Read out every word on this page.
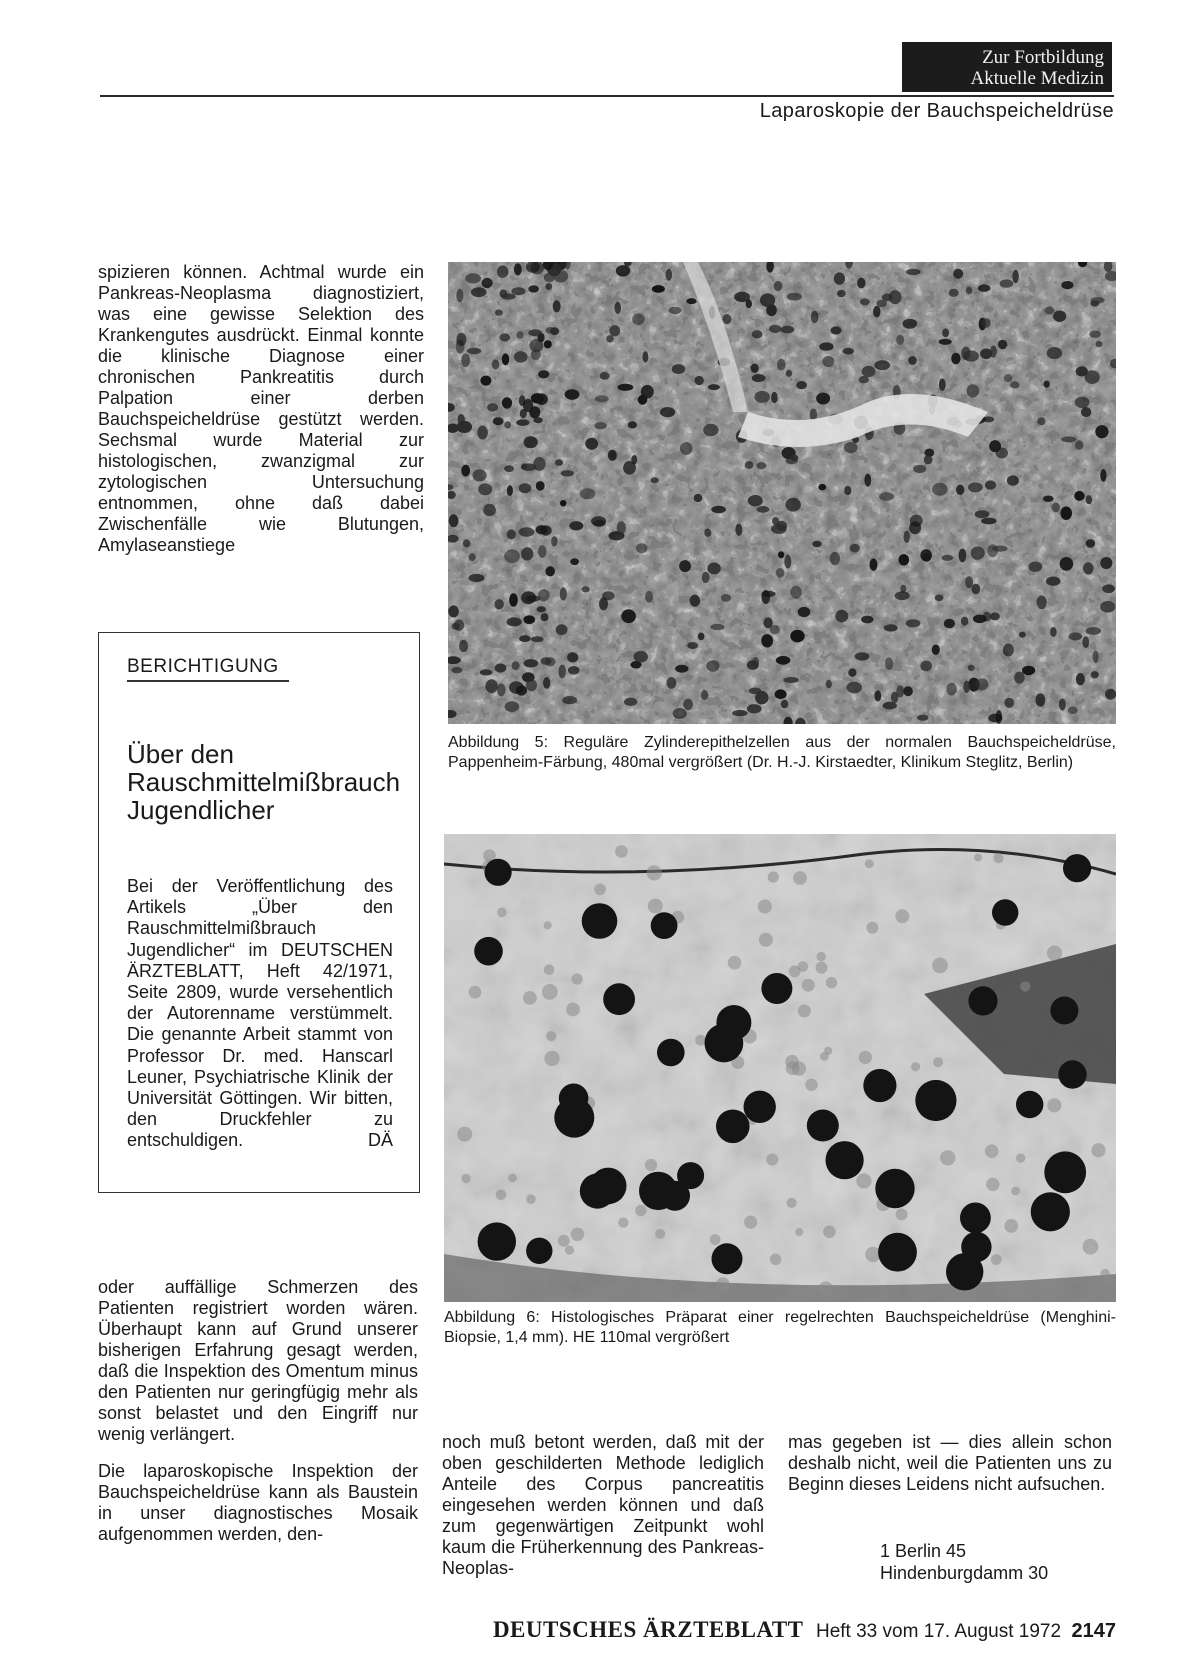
Zur Fortbildung
Aktuelle Medizin
Laparoskopie der Bauchspeicheldrüse
spizieren können. Achtmal wurde ein Pankreas-Neoplasma diagnostiziert, was eine gewisse Selektion des Krankengutes ausdrückt. Einmal konnte die klinische Diagnose einer chronischen Pankreatitis durch Palpation einer derben Bauchspeicheldrüse gestützt werden. Sechsmal wurde Material zur histologischen, zwanzigmal zur zytologischen Untersuchung entnommen, ohne daß dabei Zwischenfälle wie Blutungen, Amylaseanstiege
BERICHTIGUNG
Über den Rauschmittelmißbrauch Jugendlicher
Bei der Veröffentlichung des Artikels „Über den Rauschmittelmißbrauch Jugendlicher“ im DEUTSCHEN ÄRZTEBLATT, Heft 42/1971, Seite 2809, wurde versehentlich der Autorenname verstümmelt. Die genannte Arbeit stammt von Professor Dr. med. Hanscarl Leuner, Psychiatrische Klinik der Universität Göttingen. Wir bitten, den Druckfehler zu entschuldigen.	DÄ
Abbildung 5: Reguläre Zylinderepithelzellen aus der normalen Bauchspeicheldrüse, Pappenheim-Färbung, 480mal vergrößert (Dr. H.-J. Kirstaedter, Klinikum Steglitz, Berlin)
Abbildung 6: Histologisches Präparat einer regelrechten Bauchspeicheldrüse (Menghini-Biopsie, 1,4 mm). HE 110mal vergrößert

oder auffällige Schmerzen des Patienten registriert worden wären. Überhaupt kann auf Grund unserer bisherigen Erfahrung gesagt werden, daß die Inspektion des Omentum minus den Patienten nur geringfügig mehr als sonst belastet und den Eingriff nur wenig verlängert.

Die laparoskopische Inspektion der Bauchspeicheldrüse kann als Baustein in unser diagnostisches Mosaik aufgenommen werden, den-

noch muß betont werden, daß mit der oben geschilderten Methode lediglich Anteile des Corpus pancreatitis eingesehen werden können und daß zum gegenwärtigen Zeitpunkt wohl kaum die Früherkennung des Pankreas-Neoplas-
mas gegeben ist — dies allein schon deshalb nicht, weil die Patienten uns zu Beginn dieses Leidens nicht aufsuchen.
1 Berlin 45
Hindenburgdamm 30
DEUTSCHES ÄRZTEBLATT Heft 33 vom 17. August 1972 2147
